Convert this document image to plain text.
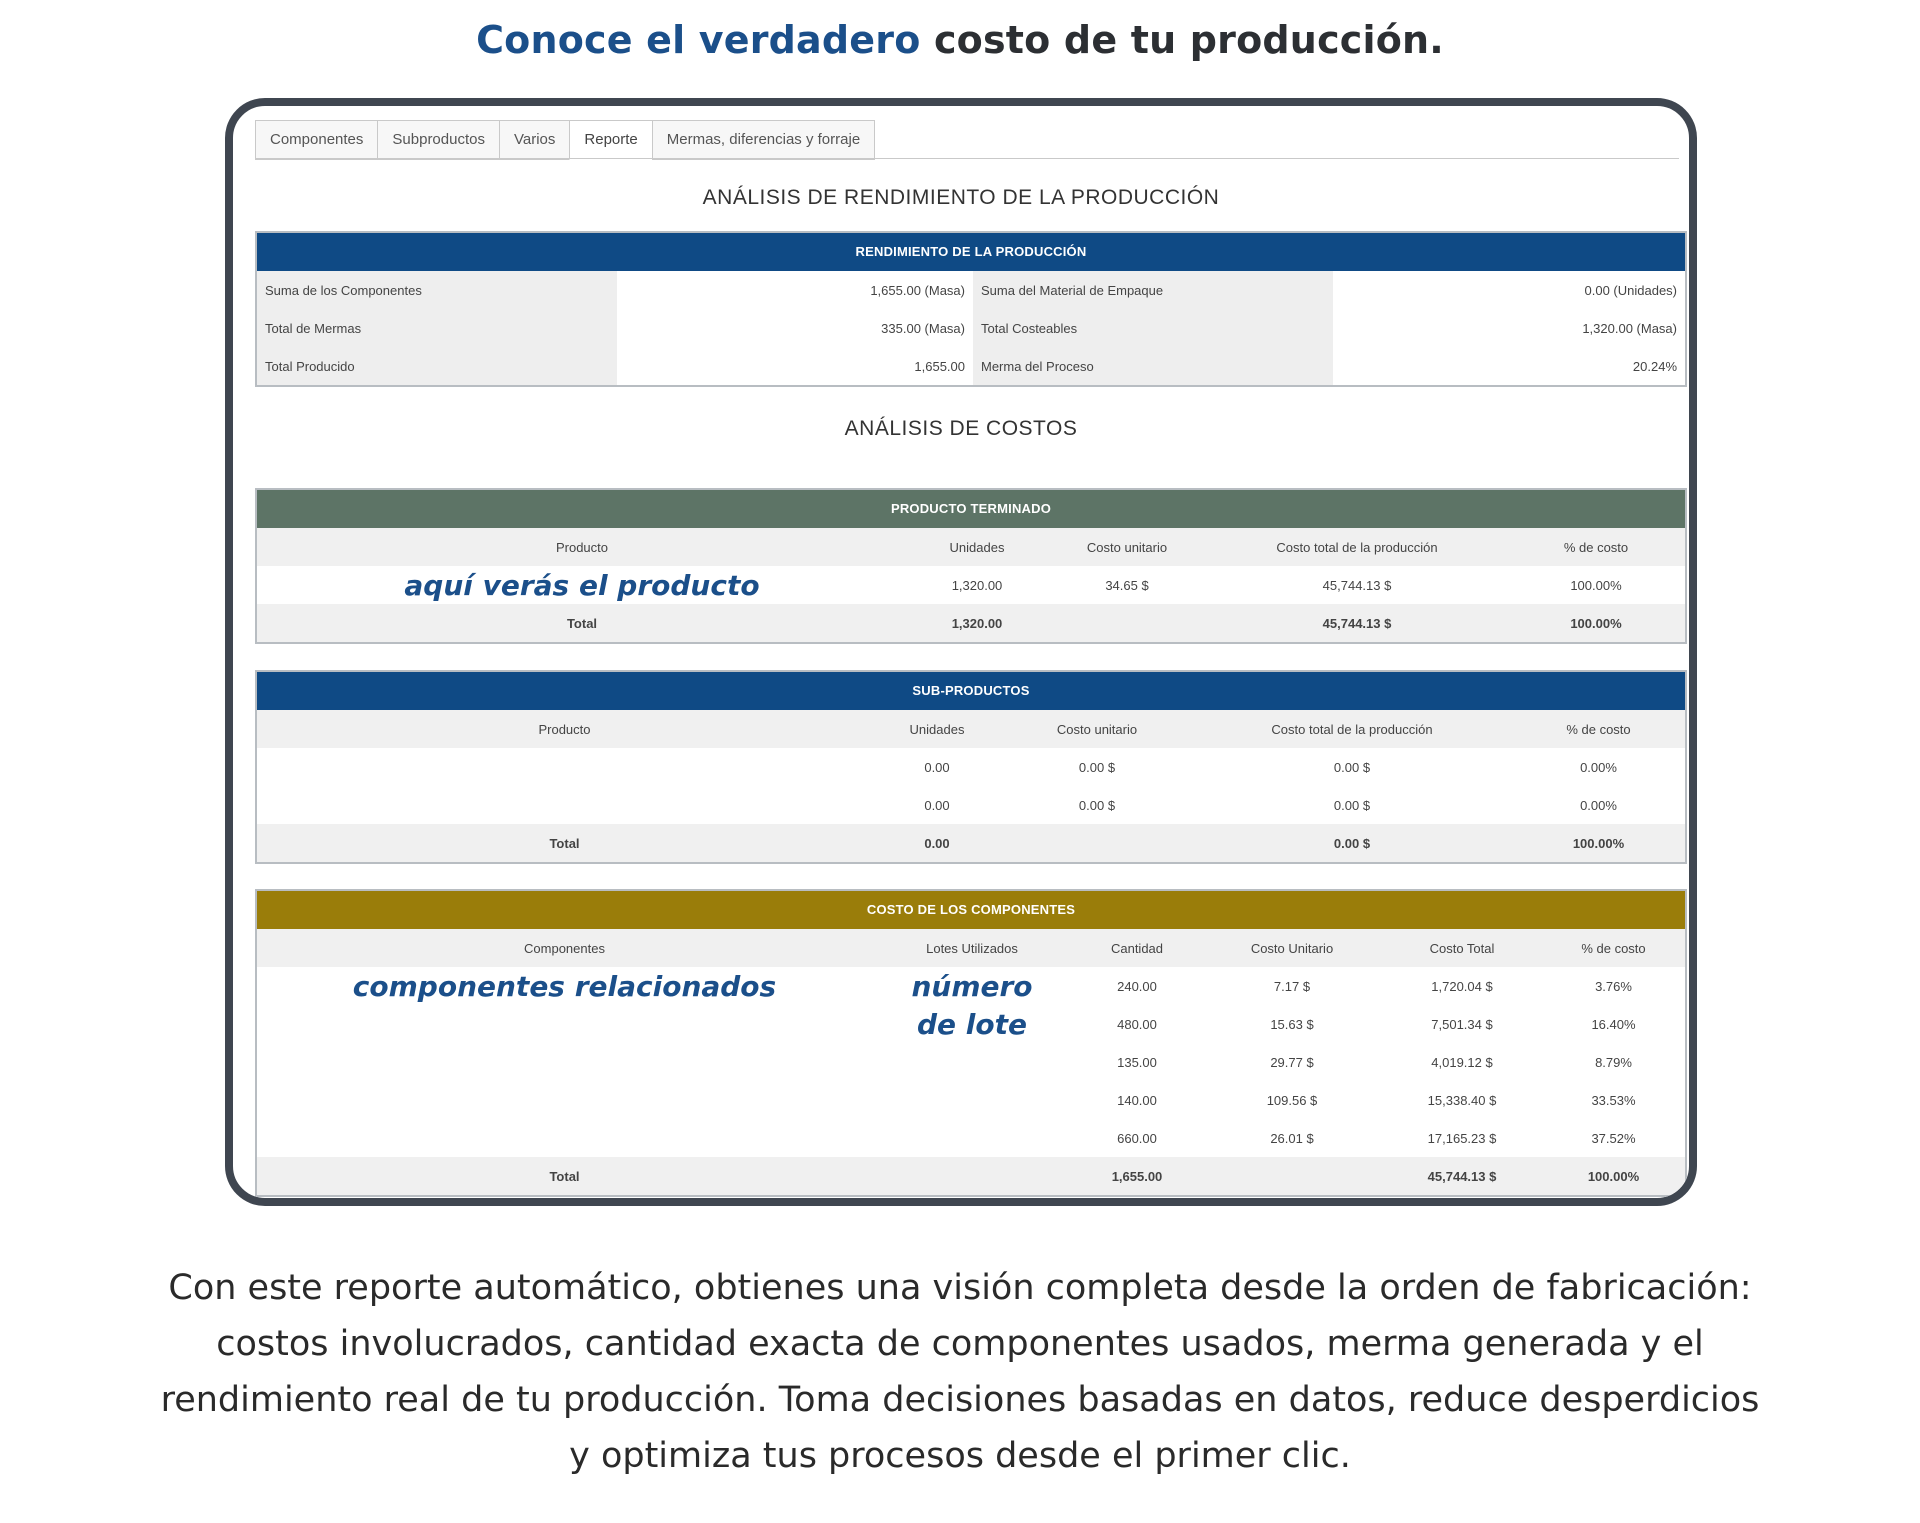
Conoce el verdadero costo de tu producción.
Componentes	Subproductos	Varios	Reporte	Mermas, diferencias y forraje
ANÁLISIS DE RENDIMIENTO DE LA PRODUCCIÓN
RENDIMIENTO DE LA PRODUCCIÓN
Suma de los Componentes	1,655.00 (Masa)	Suma del Material de Empaque	0.00 (Unidades)
Total de Mermas	335.00 (Masa)	Total Costeables	1,320.00 (Masa)
Total Producido	1,655.00	Merma del Proceso	20.24%
ANÁLISIS DE COSTOS
PRODUCTO TERMINADO
Producto	Unidades	Costo unitario	Costo total de la producción	% de costo
aquí verás el producto	1,320.00	34.65 $	45,744.13 $	100.00%
Total	1,320.00		45,744.13 $	100.00%
SUB-PRODUCTOS
Producto	Unidades	Costo unitario	Costo total de la producción	% de costo
	0.00	0.00 $	0.00 $	0.00%
	0.00	0.00 $	0.00 $	0.00%
Total	0.00		0.00 $	100.00%
COSTO DE LOS COMPONENTES
Componentes	Lotes Utilizados	Cantidad	Costo Unitario	Costo Total	% de costo
componentes relacionados	número	240.00	7.17 $	1,720.04 $	3.76%
	de lote	480.00	15.63 $	7,501.34 $	16.40%
		135.00	29.77 $	4,019.12 $	8.79%
		140.00	109.56 $	15,338.40 $	33.53%
		660.00	26.01 $	17,165.23 $	37.52%
Total		1,655.00		45,744.13 $	100.00%
Con este reporte automático, obtienes una visión completa desde la orden de fabricación: costos involucrados, cantidad exacta de componentes usados, merma generada y el rendimiento real de tu producción. Toma decisiones basadas en datos, reduce desperdicios y optimiza tus procesos desde el primer clic.
